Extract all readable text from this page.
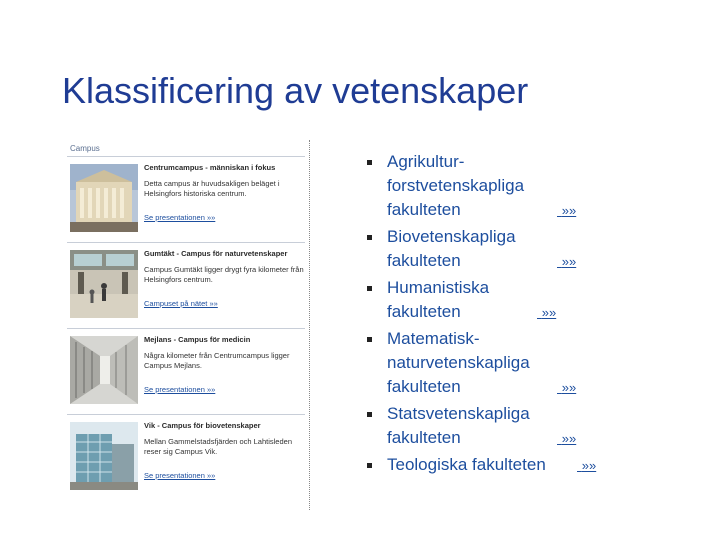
Klassificering av vetenskaper
Campus
Centrumcampus - människan i fokus
Detta campus är huvudsakligen beläget i Helsingfors historiska centrum.
Se presentationen »»
Gumtäkt - Campus för naturvetenskaper
Campus Gumtäkt ligger drygt fyra kilometer från Helsingfors centrum.
Campuset på nätet »»
Mejlans - Campus för medicin
Några kilometer från Centrumcampus ligger Campus Mejlans.
Se presentationen »»
Vik - Campus för biovetenskaper
Mellan Gammelstadsfjärden och Lahtisleden reser sig Campus Vik.
Se presentationen »»
Agrikultur-forstvetenskapliga fakulteten	»»
Biovetenskapliga fakulteten	»»
Humanistiska fakulteten	»»
Matematisk-naturvetenskapliga fakulteten	»»
Statsvetenskapliga fakulteten	»»
Teologiska fakulteten	»»
